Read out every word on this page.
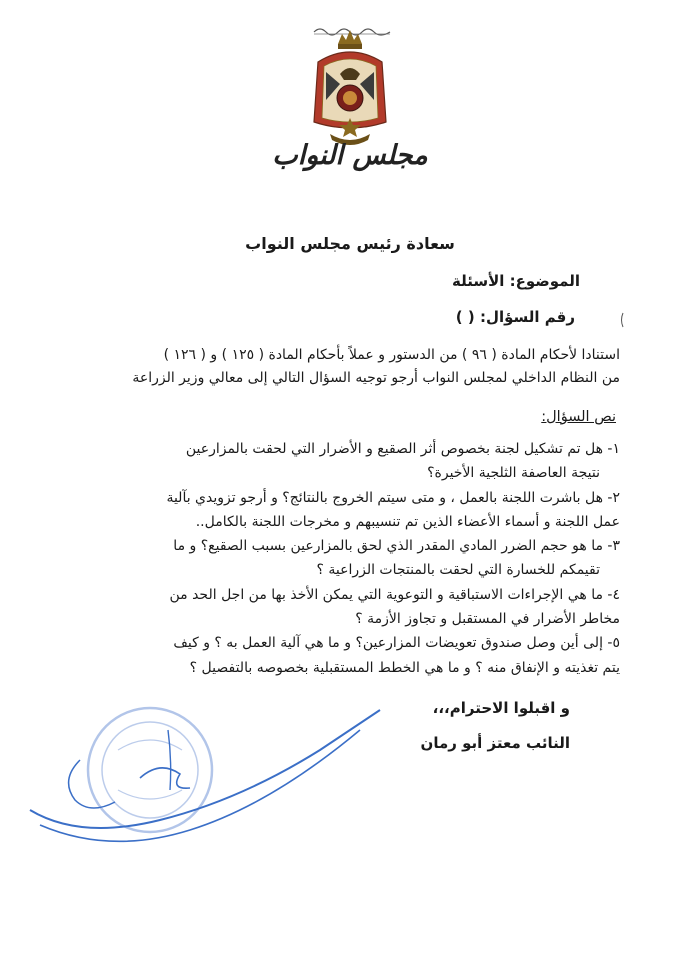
مجلس النواب
سعادة رئيس مجلس النواب
الموضوع: الأسئلة
رقم السؤال: ( )
استنادا لأحكام المادة ( ٩٦ ) من الدستور و عملاً بأحكام المادة ( ١٢٥ ) و ( ١٢٦ )
من النظام الداخلي لمجلس النواب أرجو توجيه السؤال التالي إلى معالي وزير الزراعة
نص السؤال:
١- هل تم تشكيل لجنة بخصوص أثر الصقيع و الأضرار التي لحقت بالمزارعين
نتيجة العاصفة الثلجية الأخيرة؟
٢- هل باشرت اللجنة بالعمل ، و متى سيتم الخروج بالنتائج؟ و أرجو تزويدي بآلية
عمل اللجنة و أسماء الأعضاء الذين تم تنسيبهم و مخرجات اللجنة بالكامل..
٣- ما هو حجم الضرر المادي المقدر الذي لحق بالمزارعين بسبب الصقيع؟ و ما
تقيمكم للخسارة التي لحقت بالمنتجات الزراعية ؟
٤- ما هي الإجراءات الاستباقية و التوعوية التي يمكن الأخذ بها من اجل الحد من
مخاطر الأضرار في المستقبل و تجاوز الأزمة ؟
٥- إلى أين وصل صندوق تعويضات المزارعين؟ و ما هي آلية العمل به ؟ و كيف
يتم تغذيته و الإنفاق منه ؟ و ما هي الخطط المستقبلية بخصوصه بالتفصيل ؟
و اقبلوا الاحترام،،،
النائب معتز أبو رمان
